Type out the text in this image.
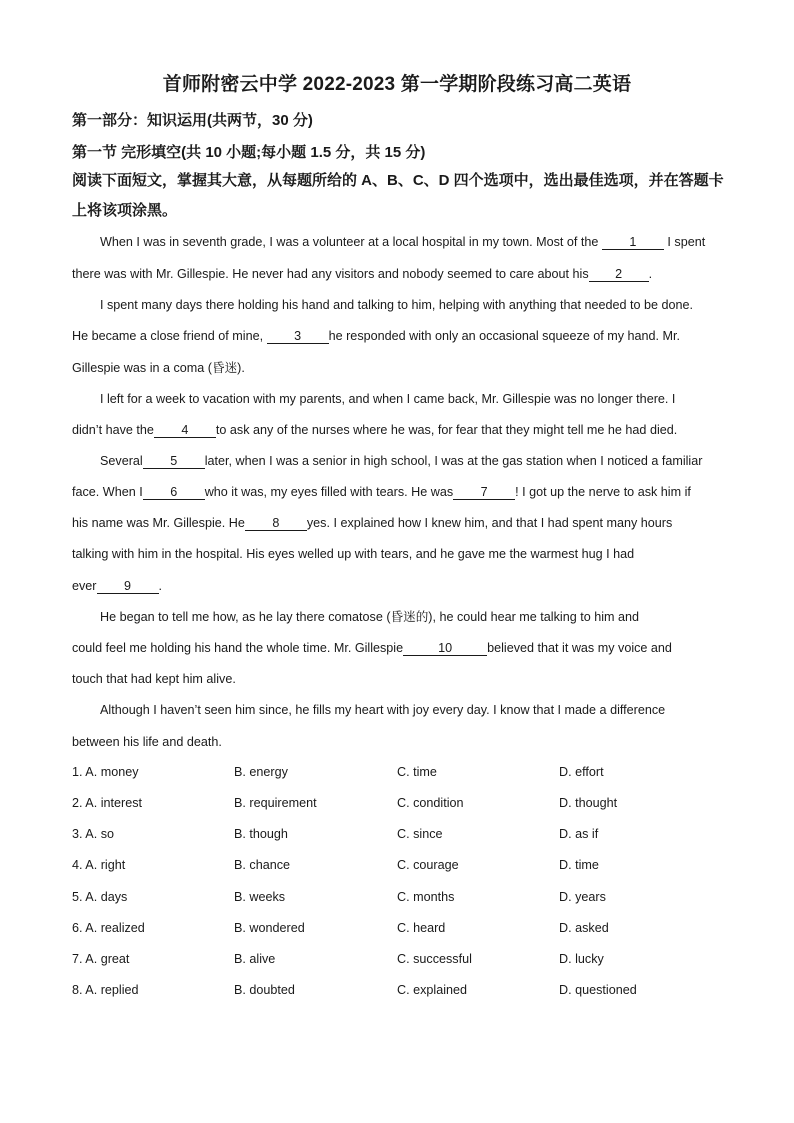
首师附密云中学 2022-2023 第一学期阶段练习高二英语
第一部分：知识运用(共两节，30 分)
第一节 完形填空(共 10 小题;每小题 1.5 分，共 15 分)
阅读下面短文，掌握其大意，从每题所给的 A、B、C、D 四个选项中，选出最佳选项，并在答题卡上将该项涂黑。
When I was in seventh grade, I was a volunteer at a local hospital in my town. Most of the 1 I spent
there was with Mr. Gillespie. He never had any visitors and nobody seemed to care about his 2 .
I spent many days there holding his hand and talking to him, helping with anything that needed to be done.
He became a close friend of mine, 3 he responded with only an occasional squeeze of my hand. Mr.
Gillespie was in a coma (昏迷).
I left for a week to vacation with my parents, and when I came back, Mr. Gillespie was no longer there. I
didn’t have the 4 to ask any of the nurses where he was, for fear that they might tell me he had died.
Several 5 later, when I was a senior in high school, I was at the gas station when I noticed a familiar
face. When I 6 who it was, my eyes filled with tears. He was 7 ! I got up the nerve to ask him if
his name was Mr. Gillespie. He 8 yes. I explained how I knew him, and that I had spent many hours
talking with him in the hospital. His eyes welled up with tears, and he gave me the warmest hug I had
ever 9 .
He began to tell me how, as he lay there comatose (昏迷的), he could hear me talking to him and
could feel me holding his hand the whole time. Mr. Gillespie	10	believed that it was my voice and
touch that had kept him alive.
Although I haven’t seen him since, he fills my heart with joy every day. I know that I made a difference
between his life and death.
1. A. money	B. energy	C. time	D. effort
2. A. interest	B. requirement	C. condition	D. thought
3. A. so	B. though	C. since	D. as if
4. A. right	B. chance	C. courage	D. time
5. A. days	B. weeks	C. months	D. years
6. A. realized	B. wondered	C. heard	D. asked
7. A. great	B. alive	C. successful	D. lucky
8. A. replied	B. doubted	C. explained	D. questioned
